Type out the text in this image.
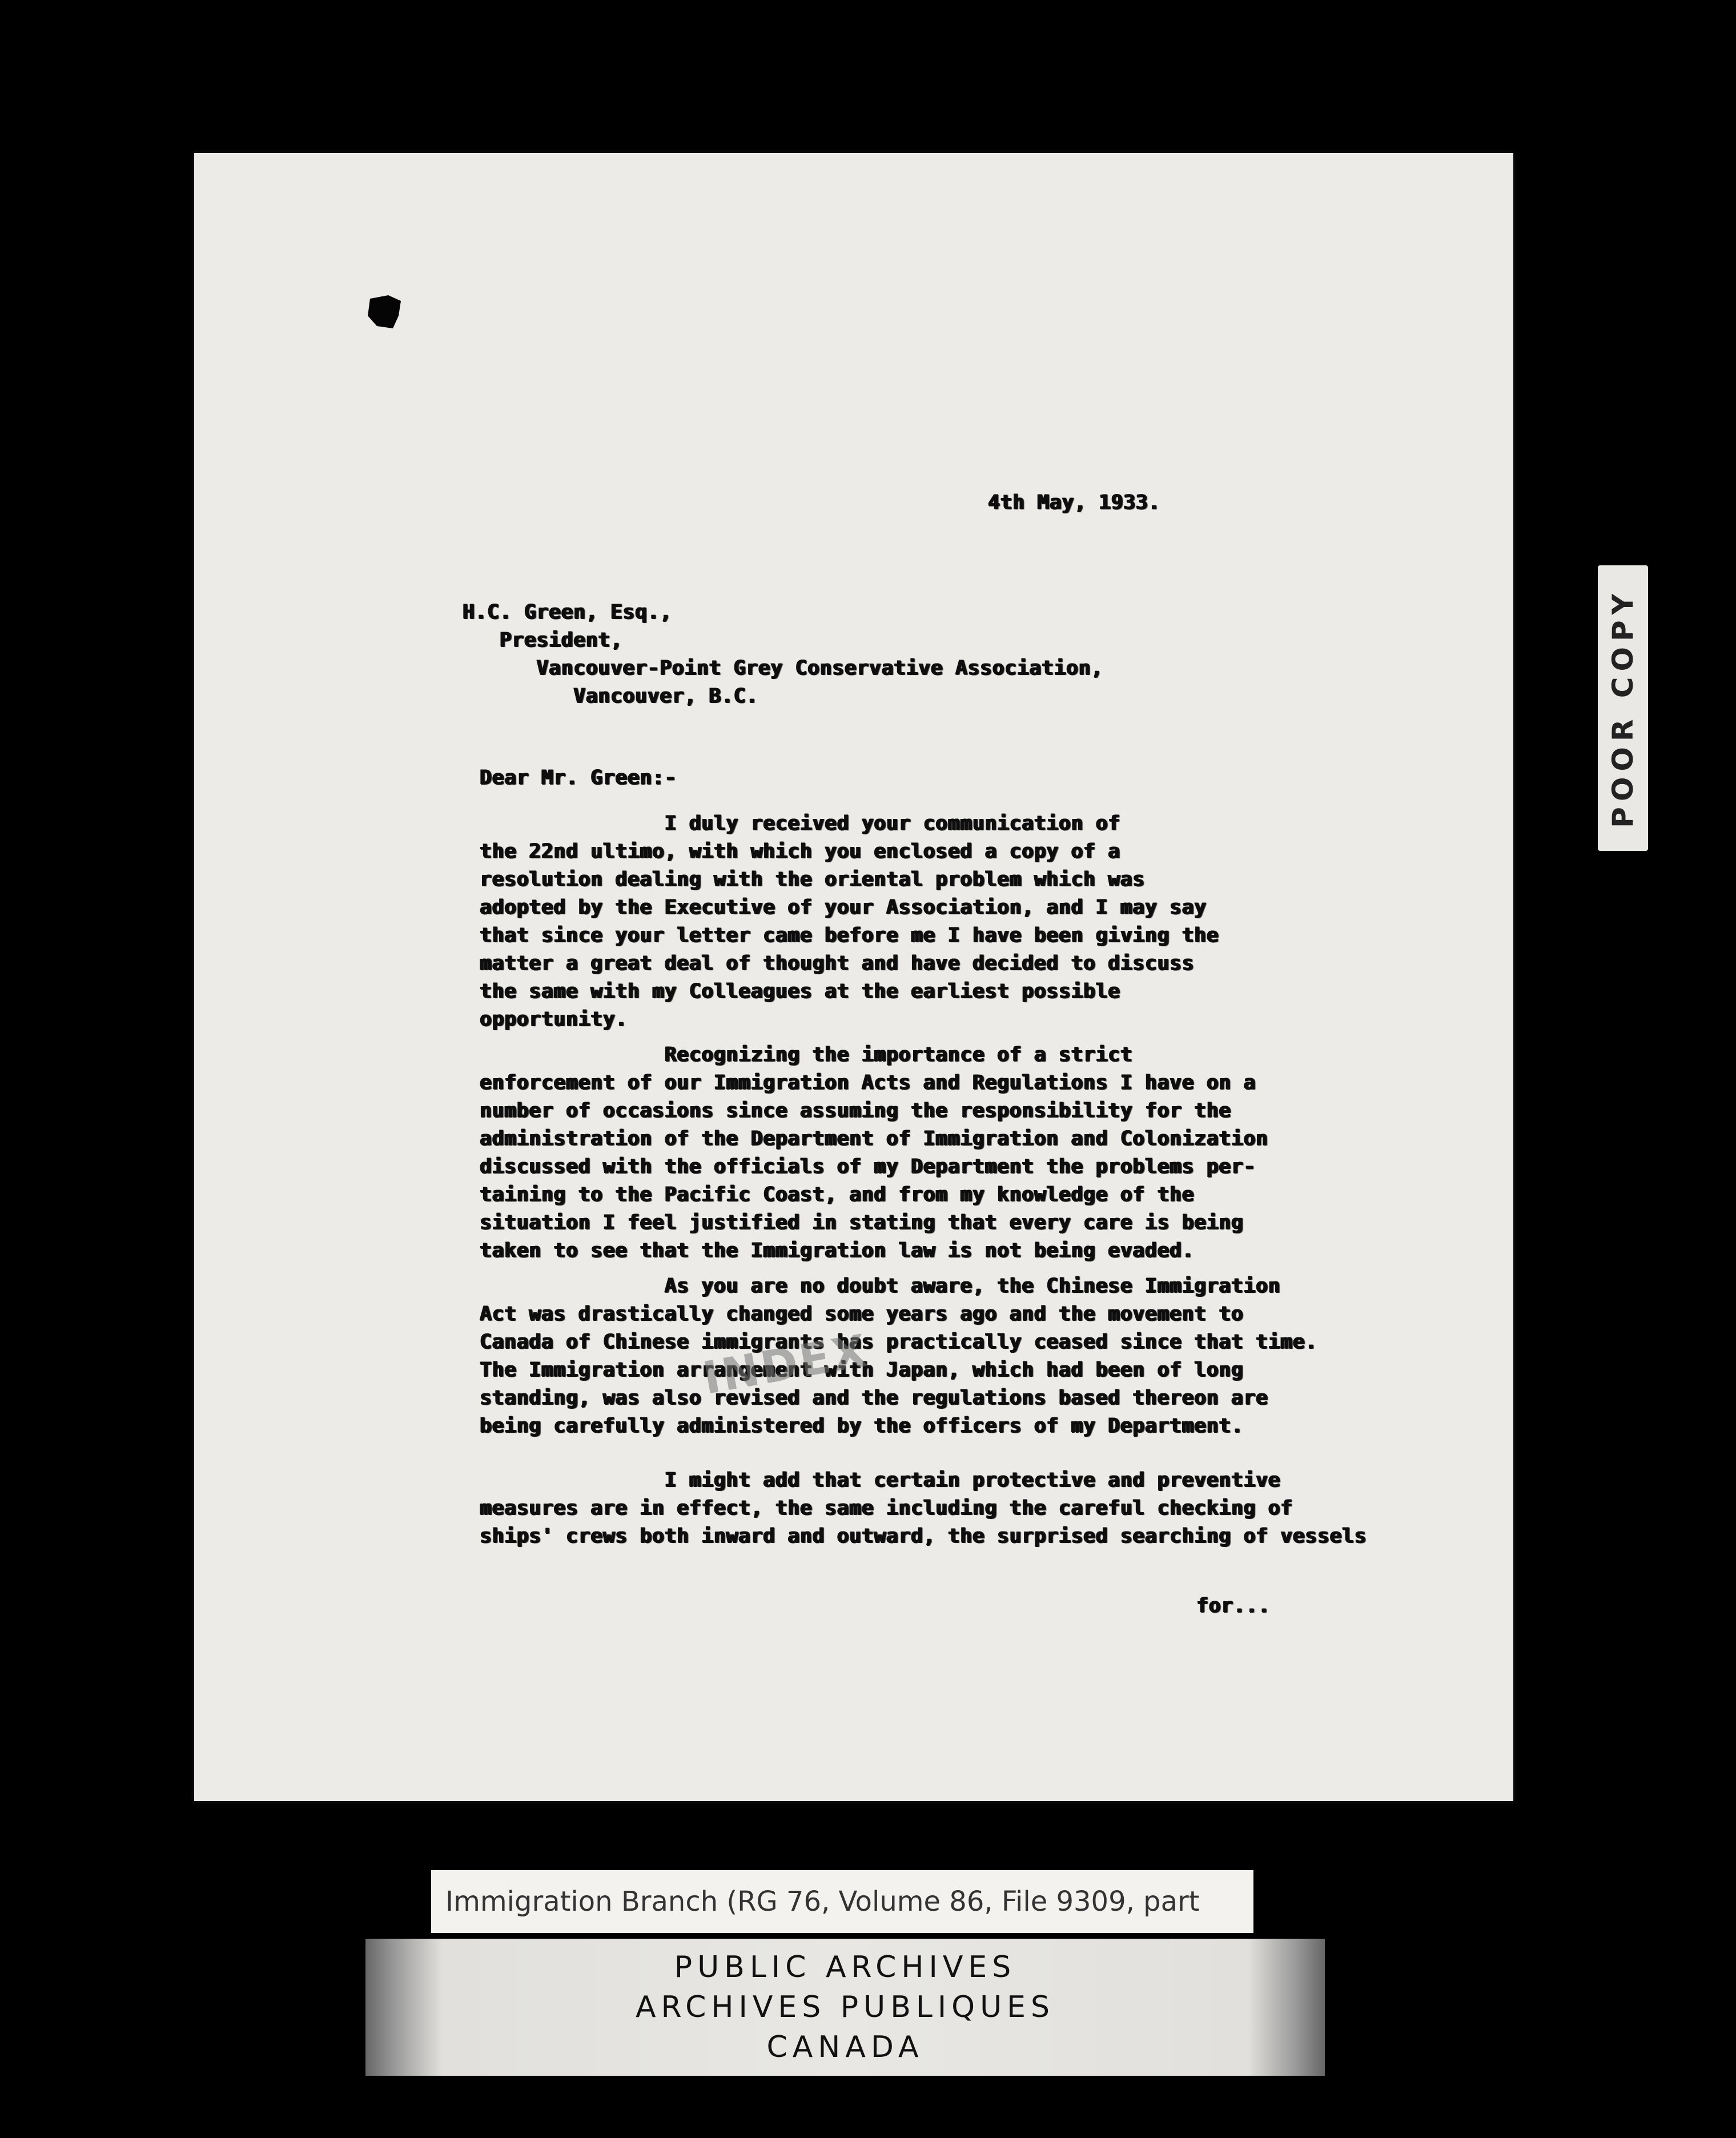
4th May, 1933.
H.C. Green, Esq.,
President,
Vancouver-Point Grey Conservative Association,
Vancouver, B.C.
Dear Mr. Green:-
I duly received your communication of
the 22nd ultimo, with which you enclosed a copy of a
resolution dealing with the oriental problem which was
adopted by the Executive of your Association, and I may say
that since your letter came before me I have been giving the
matter a great deal of thought and have decided to discuss
the same with my Colleagues at the earliest possible
opportunity.
Recognizing the importance of a strict
enforcement of our Immigration Acts and Regulations I have on a
number of occasions since assuming the responsibility for the
administration of the Department of Immigration and Colonization
discussed with the officials of my Department the problems per-
taining to the Pacific Coast, and from my knowledge of the
situation I feel justified in stating that every care is being
taken to see that the Immigration law is not being evaded.
As you are no doubt aware, the Chinese Immigration
Act was drastically changed some years ago and the movement to
Canada of Chinese immigrants has practically ceased since that time.
The Immigration arrangement with Japan, which had been of long
standing, was also revised and the regulations based thereon are
being carefully administered by the officers of my Department.
I might add that certain protective and preventive
measures are in effect, the same including the careful checking of
ships' crews both inward and outward, the surprised searching of vessels
for...
INDEX
POOR COPY
Immigration Branch (RG 76, Volume 86, File 9309, part
PUBLIC ARCHIVES
ARCHIVES PUBLIQUES
CANADA
